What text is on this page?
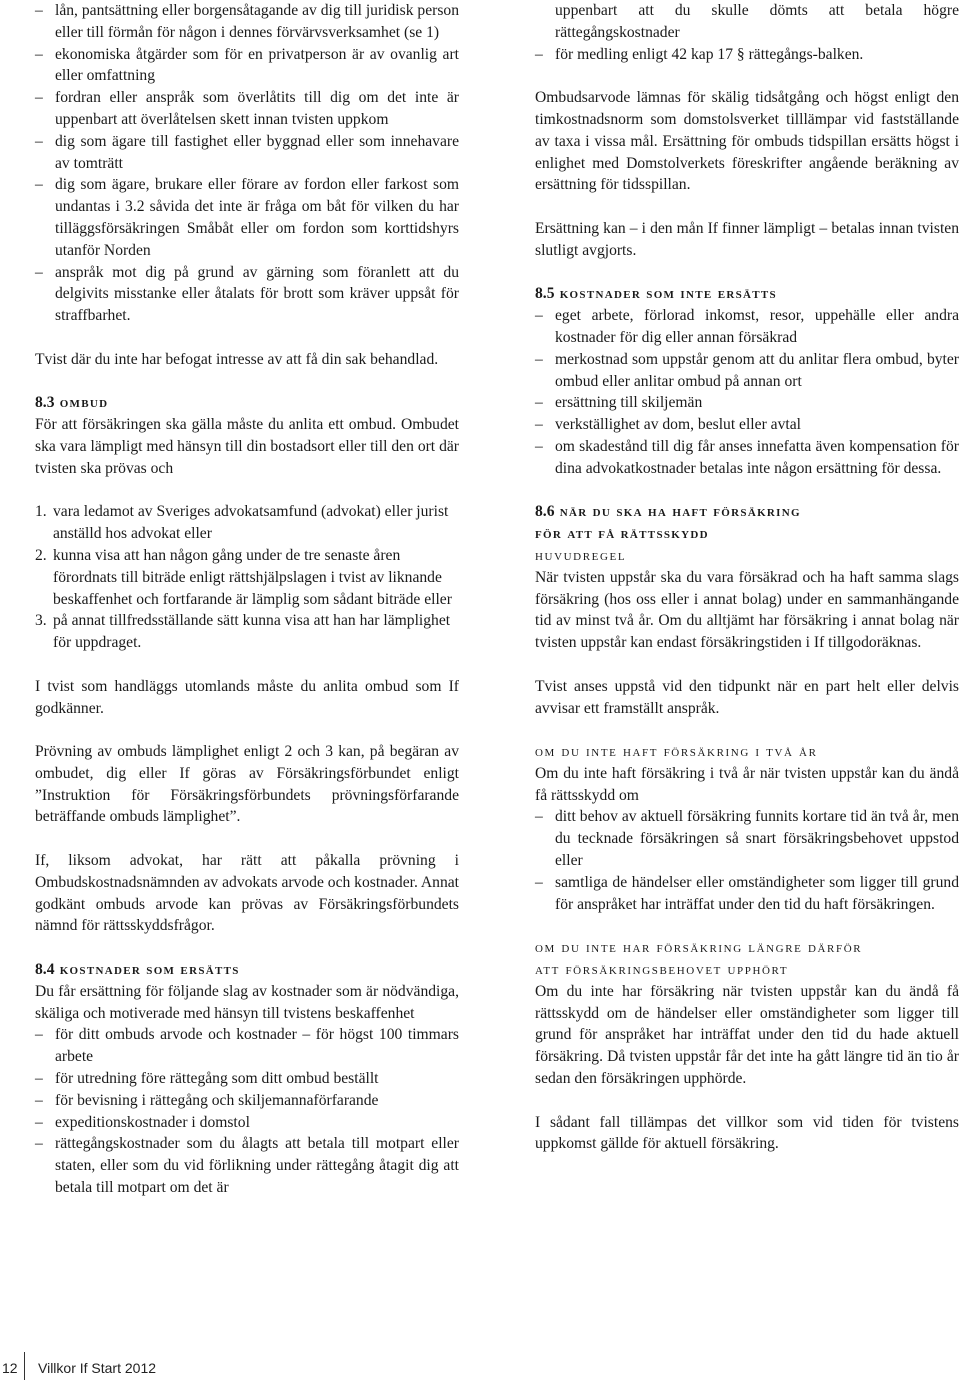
– lån, pantsättning eller borgensåtagande av dig till juridisk person eller till förmån för någon i dennes förvärvsverksamhet (se 1)
– ekonomiska åtgärder som för en privatperson är av ovanlig art eller omfattning
– fordran eller anspråk som överlåtits till dig om det inte är uppenbart att överlåtelsen skett innan tvisten uppkom
– dig som ägare till fastighet eller byggnad eller som innehavare av tomträtt
– dig som ägare, brukare eller förare av fordon eller farkost som undantas i 3.2 såvida det inte är fråga om båt för vilken du har tilläggsförsäkringen Småbåt eller om fordon som korttidshyrs utanför Norden
– anspråk mot dig på grund av gärning som föranlett att du delgivits misstanke eller åtalats för brott som kräver uppsåt för straffbarhet.

Tvist där du inte har befogat intresse av att få din sak behandlad.

8.3 ombud

För att försäkringen ska gälla måste du anlita ett ombud. Ombudet ska vara lämpligt med hänsyn till din bostadsort eller till den ort där tvisten ska prövas och

1. vara ledamot av Sveriges advokatsamfund (advokat) eller jurist anställd hos advokat eller
2. kunna visa att han någon gång under de tre senaste åren förordnats till biträde enligt rättshjälpslagen i tvist av liknande beskaffenhet och fortfarande är lämplig som sådant biträde eller
3. på annat tillfredsställande sätt kunna visa att han har lämplighet för uppdraget.

I tvist som handläggs utomlands måste du anlita ombud som If godkänner.

Prövning av ombuds lämplighet enligt 2 och 3 kan, på begäran av ombudet, dig eller If göras av Försäkringsförbundet enligt ”Instruktion för Försäkringsförbundets prövningsförfarande beträffande ombuds lämplighet”.

If, liksom advokat, har rätt att påkalla prövning i Ombudskostnadsnämnden av advokats arvode och kostnader. Annat godkänt ombuds arvode kan prövas av Försäkringsförbundets nämnd för rättsskyddsfrågor.

8.4 kostnader som ersätts

Du får ersättning för följande slag av kostnader som är nödvändiga, skäliga och motiverade med hänsyn till tvistens beskaffenhet

– för ditt ombuds arvode och kostnader – för högst 100 timmars arbete
– för utredning före rättegång som ditt ombud beställt
– för bevisning i rättegång och skiljemannaförfarande
– expeditionskostnader i domstol
– rättegångskostnader som du ålagts att betala till motpart eller staten, eller som du vid förlikning under rättegång åtagit dig att betala till motpart om det är

uppenbart att du skulle dömts att betala högre rättegångskostnader

– för medling enligt 42 kap 17 § rättegångs-balken.

Ombudsarvode lämnas för skälig tidsåtgång och högst enligt den timkostnadsnorm som domstolsverket tilllämpar vid fastställande av taxa i vissa mål. Ersättning för ombuds tidspillan ersätts högst i enlighet med Domstolverkets föreskrifter angående beräkning av ersättning för tidsspillan.

Ersättning kan – i den mån If finner lämpligt – betalas innan tvisten slutligt avgjorts.

8.5 kostnader som inte ersätts
– eget arbete, förlorad inkomst, resor, uppehälle eller andra kostnader för dig eller annan försäkrad
– merkostnad som uppstår genom att du anlitar flera ombud, byter ombud eller anlitar ombud på annan ort
– ersättning till skiljemän
– verkställighet av dom, beslut eller avtal
– om skadestånd till dig får anses innefatta även kompensation för dina advokatkostnader betalas inte någon ersättning för dessa.
8.6 när du ska ha haft försäkring
för att få rättsskydd
huvudregel

När tvisten uppstår ska du vara försäkrad och ha haft samma slags försäkring (hos oss eller i annat bolag) under en sammanhängande tid av minst två år. Om du alltjämt har försäkring i annat bolag när tvisten uppstår kan endast försäkringstiden i If tillgodoräknas.

Tvist anses uppstå vid den tidpunkt när en part helt eller delvis avvisar ett framställt anspråk.

om du inte haft försäkring i två år

Om du inte haft försäkring i två år när tvisten uppstår kan du ändå få rättsskydd om

– ditt behov av aktuell försäkring funnits kortare tid än två år, men du tecknade försäkringen så snart försäkringsbehovet uppstod eller
– samtliga de händelser eller omständigheter som ligger till grund för anspråket har inträffat under den tid du haft försäkringen.
om du inte har försäkring längre därför
att försäkringsbehovet upphört

Om du inte har försäkring när tvisten uppstår kan du ändå få rättsskydd om de händelser eller omständigheter som ligger till grund för anspråket har inträffat under den tid du hade aktuell försäkring. Då tvisten uppstår får det inte ha gått längre tid än tio år sedan den försäkringen upphörde.

I sådant fall tillämpas det villkor som vid tiden för tvistens uppkomst gällde för aktuell försäkring.

12 Villkor If Start 2012
